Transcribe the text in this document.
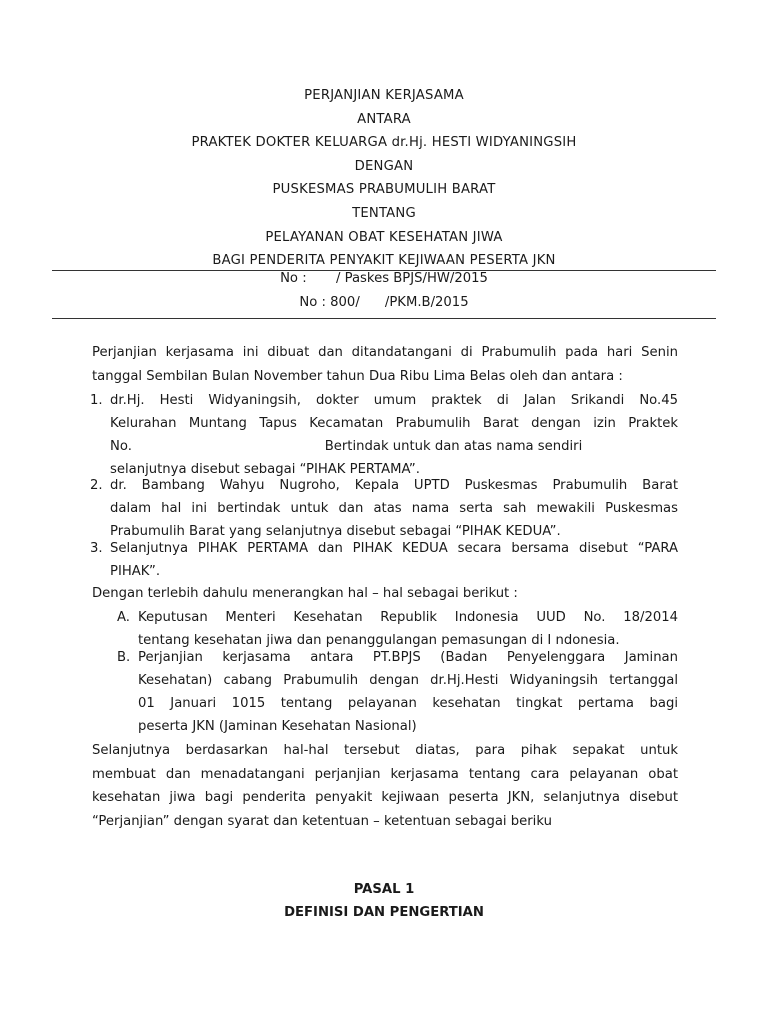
PERJANJIAN KERJASAMA
ANTARA
PRAKTEK DOKTER KELUARGA dr.Hj. HESTI WIDYANINGSIH
DENGAN
PUSKESMAS PRABUMULIH BARAT
TENTANG
PELAYANAN OBAT KESEHATAN JIWA
BAGI PENDERITA PENYAKIT KEJIWAAN PESERTA JKN
No :       / Paskes BPJS/HW/2015
No : 800/      /PKM.B/2015
Perjanjian kerjasama ini dibuat dan ditandatangani di Prabumulih pada hari Senin
tanggal Sembilan Bulan November tahun Dua Ribu Lima Belas oleh dan antara :
1. dr.Hj. Hesti Widyaningsih, dokter umum praktek di Jalan Srikandi No.45
Kelurahan Muntang Tapus Kecamatan Prabumulih Barat dengan izin Praktek
No.                                              Bertindak untuk dan atas nama sendiri
selanjutnya disebut sebagai “PIHAK PERTAMA”.
2. dr. Bambang Wahyu Nugroho, Kepala UPTD Puskesmas Prabumulih Barat
dalam hal ini bertindak untuk dan atas nama serta sah mewakili Puskesmas
Prabumulih Barat yang selanjutnya disebut sebagai “PIHAK KEDUA”.
3. Selanjutnya PIHAK PERTAMA dan PIHAK KEDUA secara bersama disebut “PARA
PIHAK”.
Dengan terlebih dahulu menerangkan hal – hal sebagai berikut :
A. Keputusan Menteri Kesehatan Republik Indonesia UUD No. 18/2014
tentang kesehatan jiwa dan penanggulangan pemasungan di I ndonesia.
B. Perjanjian kerjasama antara PT.BPJS (Badan Penyelenggara Jaminan
Kesehatan) cabang Prabumulih dengan dr.Hj.Hesti Widyaningsih tertanggal
01 Januari 1015 tentang pelayanan kesehatan tingkat pertama bagi
peserta JKN (Jaminan Kesehatan Nasional)
Selanjutnya berdasarkan hal-hal tersebut diatas, para pihak sepakat untuk
membuat dan menadatangani perjanjian kerjasama tentang cara pelayanan obat
kesehatan jiwa bagi penderita penyakit kejiwaan peserta JKN, selanjutnya disebut
“Perjanjian” dengan syarat dan ketentuan – ketentuan sebagai beriku
PASAL 1
DEFINISI DAN PENGERTIAN
